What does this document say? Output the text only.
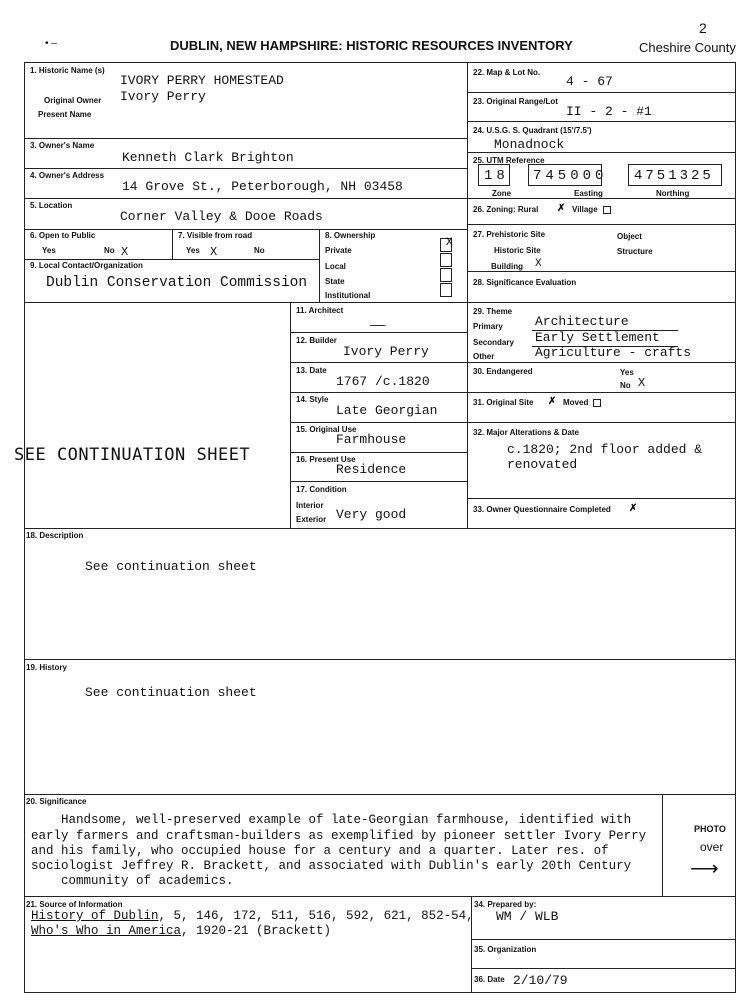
2
DUBLIN, NEW HAMPSHIRE: HISTORIC RESOURCES INVENTORY	Cheshire County
• –
1. Historic Name (s)
IVORY PERRY HOMESTEAD
Original Owner Ivory Perry
Present Name
3. Owner's Name
Kenneth Clark Brighton
4. Owner's Address
14 Grove St., Peterborough, NH 03458
5. Location
Corner Valley & Dooe Roads
6. Open to Public
Yes	No X
7. Visible from road
Yes X	No
8. Ownership
Private
Local
State
Institutional
X
9. Local Contact/Organization
Dublin Conservation Commission
11. Architect
——
12. Builder
Ivory Perry
13. Date
1767 /c.1820
14. Style
Late Georgian
15. Original Use
Farmhouse
16. Present Use
Residence
17. Condition
Interior
Exterior Very good
SEE CONTINUATION SHEET
22. Map & Lot No.
4 - 67
23. Original Range/Lot
II - 2 - #1
24. U.S.G. S. Quadrant (15'/7.5')
Monadnock
25. UTM Reference
18 745000 4751325
Zone	Easting	Northing
26. Zoning: Rural ✗ Village
27. Prehistoric Site	Object
Historic Site	Structure
Building X
28. Significance Evaluation
29. Theme
Primary Architecture
Secondary Early Settlement
Other	Agriculture - crafts
30. Endangered	Yes
No X
31. Original Site ✗ Moved
32. Major Alterations & Date
c.1820; 2nd floor added &
renovated
33. Owner Questionnaire Completed ✗
18. Description
See continuation sheet
19. History
See continuation sheet
20. Significance
Handsome, well-preserved example of late-Georgian farmhouse, identified with
early farmers and craftsman-builders as exemplified by pioneer settler Ivory Perry
and his family, who occupied house for a century and a quarter. Later res. of
sociologist Jeffrey R. Brackett, and associated with Dublin's early 20th Century
community of academics.
PHOTO
over
⟶
21. Source of Information
History of Dublin, 5, 146, 172, 511, 516, 592, 621, 852-54,
Who's Who in America, 1920-21 (Brackett)
34. Prepared by:
WM / WLB
35. Organization
36. Date 2/10/79
